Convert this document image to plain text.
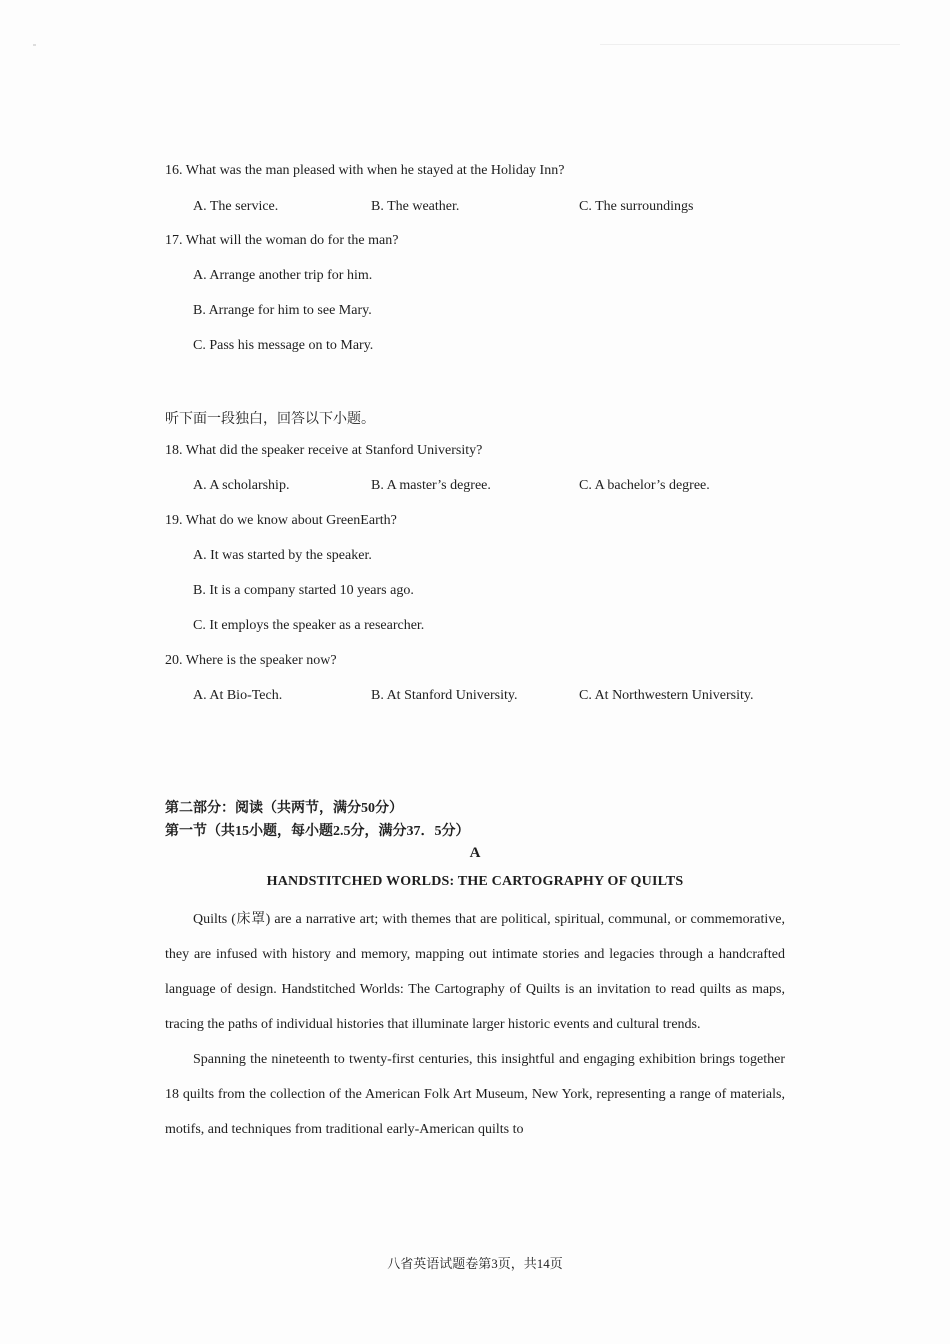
16. What was the man pleased with when he stayed at the Holiday Inn?
A. The service.	B. The weather.	C. The surroundings
17. What will the woman do for the man?
A. Arrange another trip for him.
B. Arrange for him to see Mary.
C. Pass his message on to Mary.
听下面一段独白，回答以下小题。
18. What did the speaker receive at Stanford University?
A. A scholarship.	B. A master’s degree.	C. A bachelor’s degree.
19. What do we know about GreenEarth?
A. It was started by the speaker.
B. It is a company started 10 years ago.
C. It employs the speaker as a researcher.
20. Where is the speaker now?
A. At Bio-Tech.	B. At Stanford University.	C. At Northwestern University.
第二部分：阅读（共两节，满分50分）
第一节（共15小题，每小题2.5分，满分37．5分）
A
HANDSTITCHED WORLDS: THE CARTOGRAPHY OF QUILTS

Quilts (床罩) are a narrative art; with themes that are political, spiritual, communal, or commemorative, they are infused with history and memory, mapping out intimate stories and legacies through a handcrafted language of design. Handstitched Worlds: The Cartography of Quilts is an invitation to read quilts as maps, tracing the paths of individual histories that illuminate larger historic events and cultural trends.

Spanning the nineteenth to twenty-first centuries, this insightful and engaging exhibition brings together 18 quilts from the collection of the American Folk Art Museum, New York, representing a range of materials, motifs, and techniques from traditional early-American quilts to

八省英语试题卷第3页，共14页
